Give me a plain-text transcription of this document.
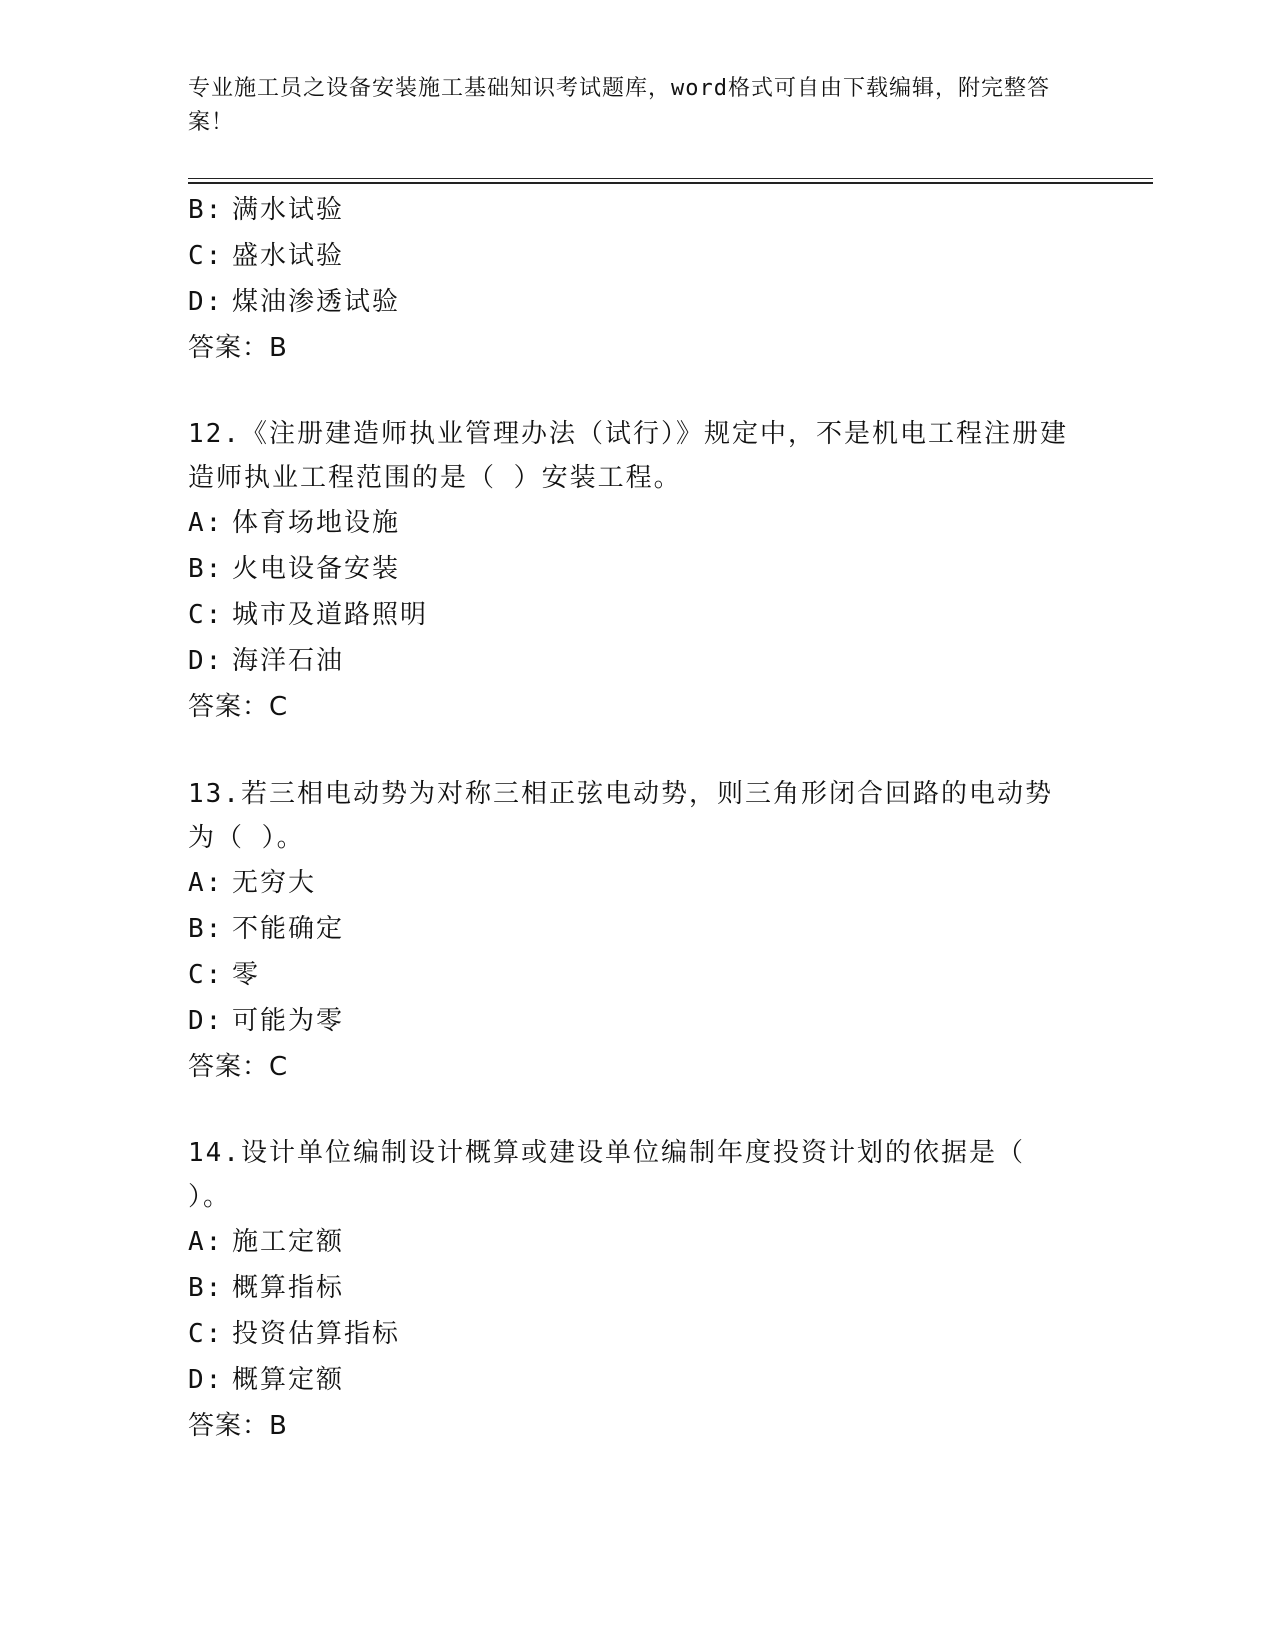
专业施工员之设备安装施工基础知识考试题库，word格式可自由下载编辑，附完整答案！
B: 满水试验
C: 盛水试验
D: 煤油渗透试验
答案：B
12.《注册建造师执业管理办法（试行）》规定中，不是机电工程注册建造师执业工程范围的是（ ）安装工程。
A: 体育场地设施
B: 火电设备安装
C: 城市及道路照明
D: 海洋石油
答案：C
13.若三相电动势为对称三相正弦电动势，则三角形闭合回路的电动势为（ ）。
A: 无穷大
B: 不能确定
C: 零
D: 可能为零
答案：C
14.设计单位编制设计概算或建设单位编制年度投资计划的依据是（ ）。
A: 施工定额
B: 概算指标
C: 投资估算指标
D: 概算定额
答案：B
